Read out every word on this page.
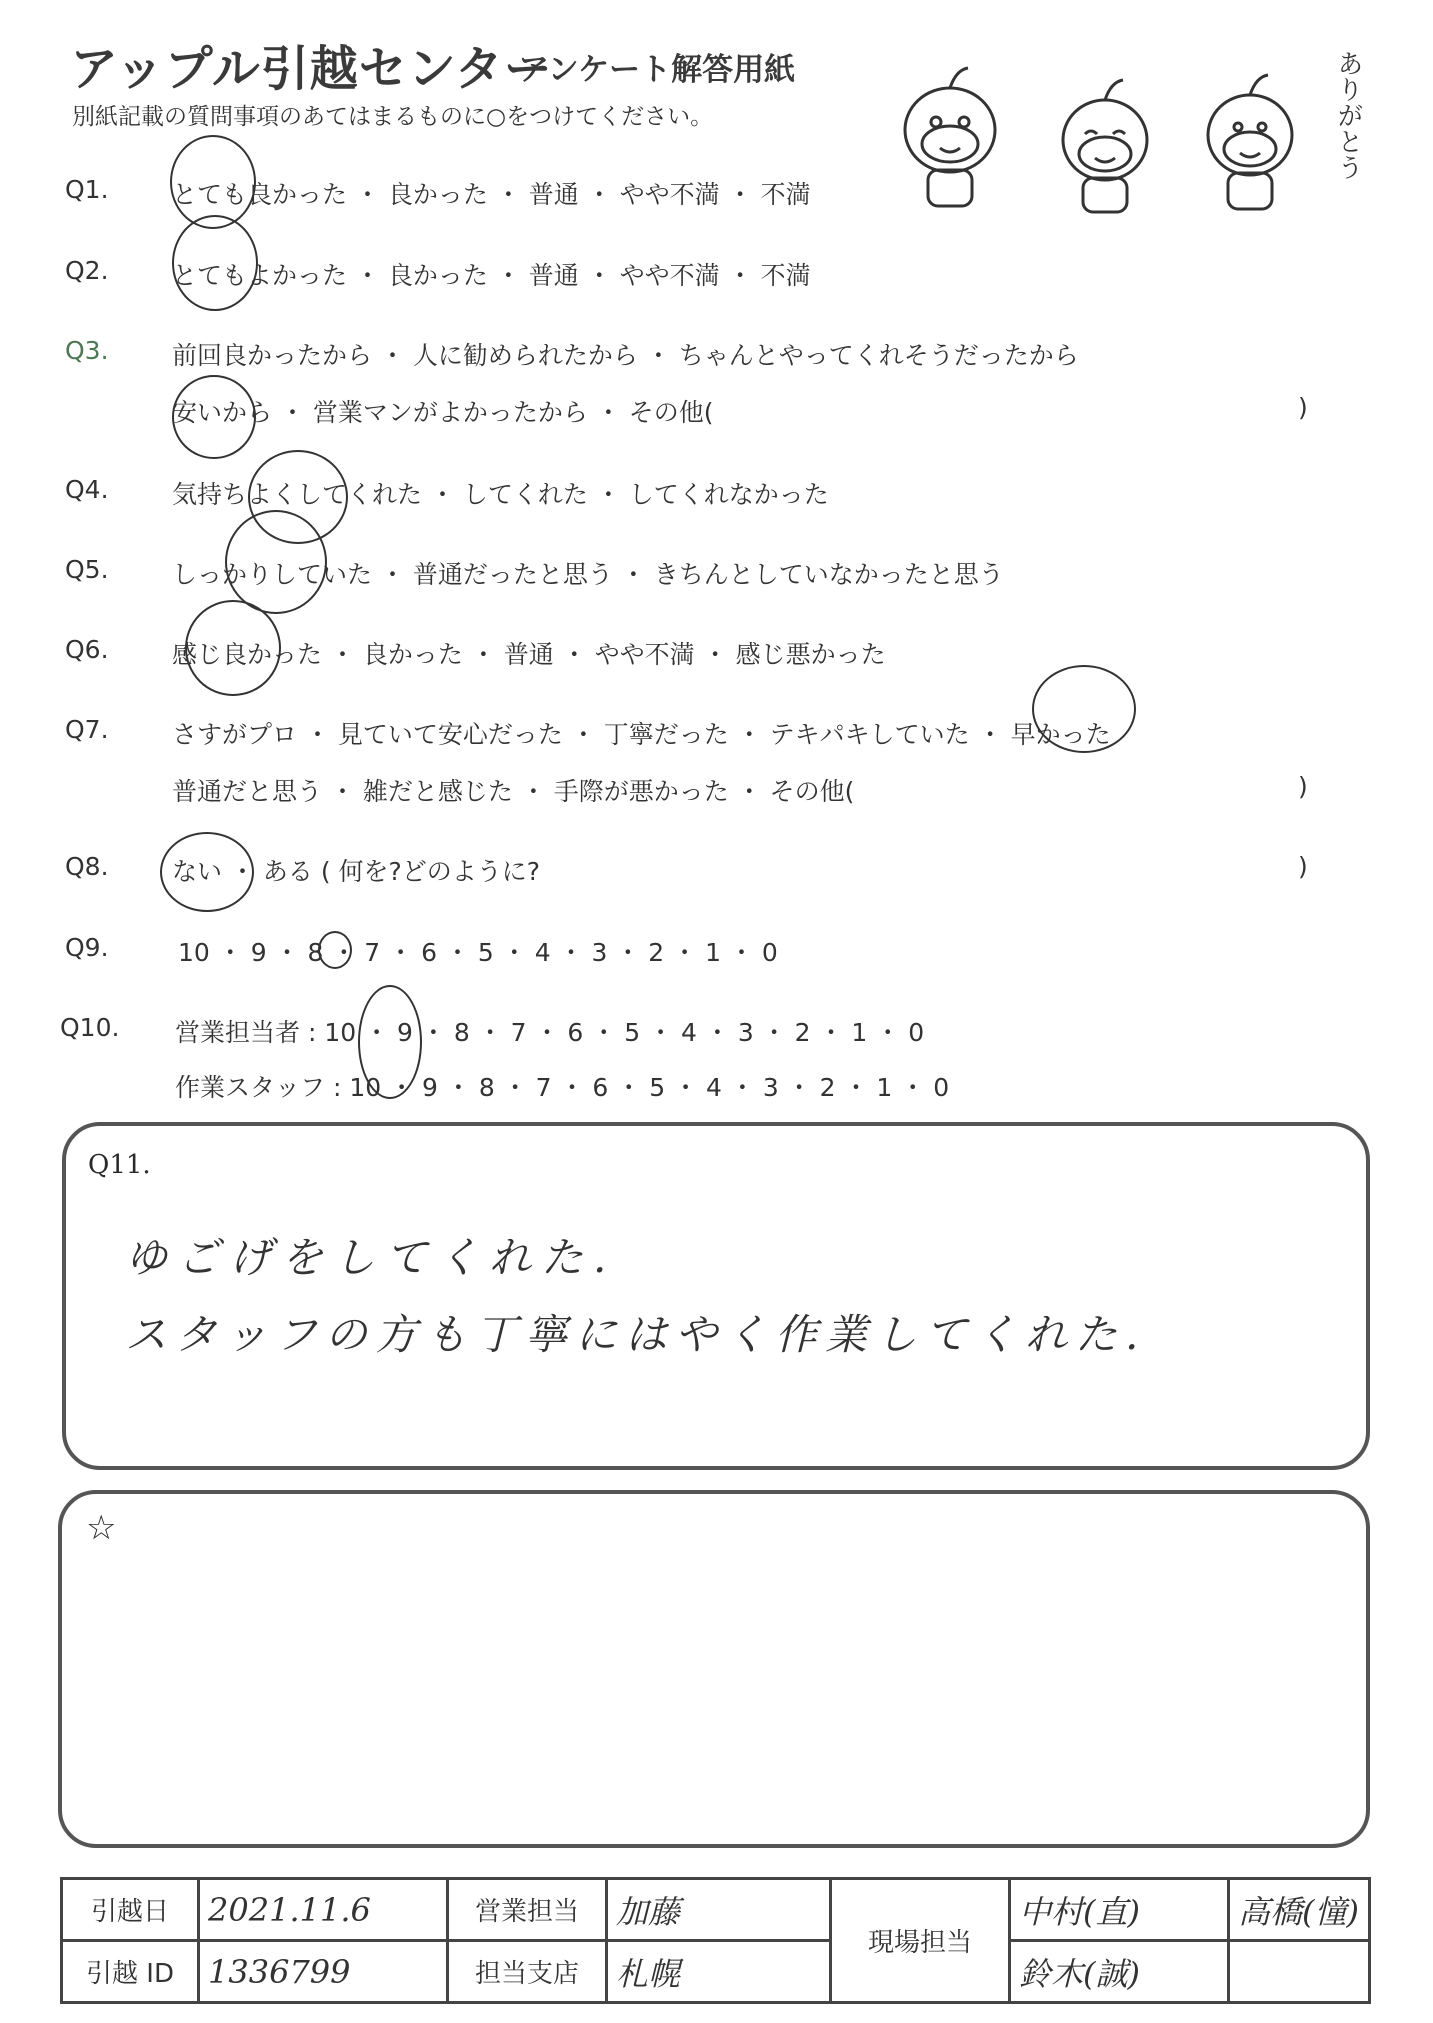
アップル引越センター
アンケート解答用紙
別紙記載の質問事項のあてはまるものに○をつけてください。	ありがとう
Q1.	とても良かった ・ 良かった ・ 普通 ・ やや不満 ・ 不満
Q2.	とてもよかった ・ 良かった ・ 普通 ・ やや不満 ・ 不満
Q3.	前回良かったから ・ 人に勧められたから ・ ちゃんとやってくれそうだったから
安いから ・ 営業マンがよかったから ・ その他(	)
Q4.	気持ちよくしてくれた ・ してくれた ・ してくれなかった
Q5.	しっかりしていた ・ 普通だったと思う ・ きちんとしていなかったと思う
Q6.	感じ良かった ・ 良かった ・ 普通 ・ やや不満 ・ 感じ悪かった
Q7.	さすがプロ ・ 見ていて安心だった ・ 丁寧だった ・ テキパキしていた ・ 早かった
普通だと思う ・ 雑だと感じた ・ 手際が悪かった ・ その他(	)
Q8.	ない ・ ある ( 何を?どのように?	)
Q9.	10 ・ 9 ・ 8 ・ 7 ・ 6 ・ 5 ・ 4 ・ 3 ・ 2 ・ 1 ・ 0
Q10. 営業担当者 : 10 ・ 9 ・ 8 ・ 7 ・ 6 ・ 5 ・ 4 ・ 3 ・ 2 ・ 1 ・ 0
作業スタッフ : 10 ・ 9 ・ 8 ・ 7 ・ 6 ・ 5 ・ 4 ・ 3 ・ 2 ・ 1 ・ 0
Q11.
ゆごげをしてくれた.
スタッフの方も丁寧にはやく作業してくれた.
☆
引越日	2021.11.6	営業担当	加藤	現場担当	中村(直)	高橋(憧)
引越 ID	1336799	担当支店	札幌		鈴木(誠)	
